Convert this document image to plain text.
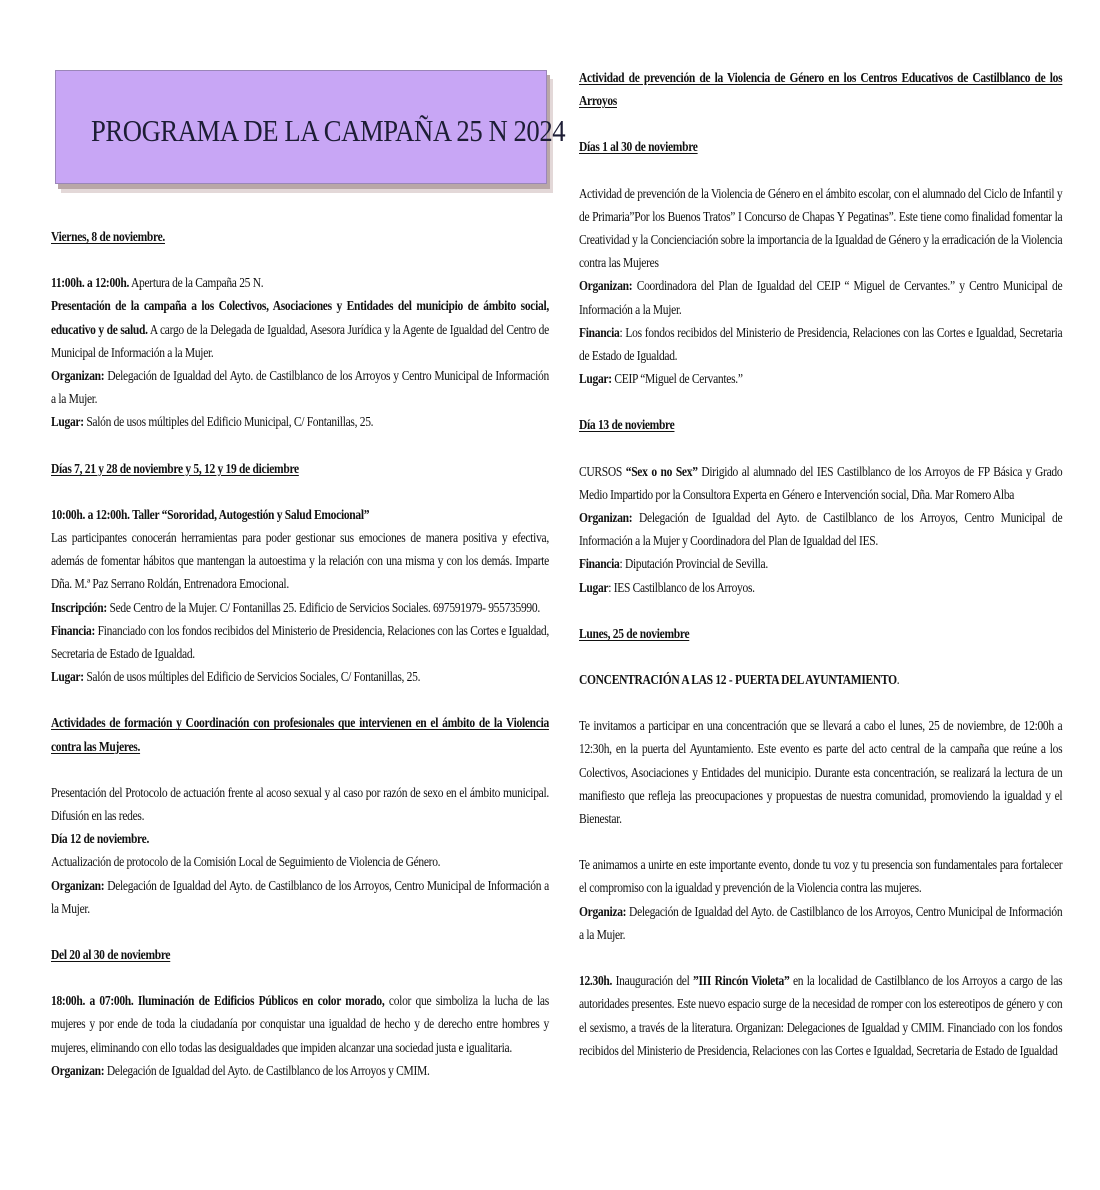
PROGRAMA DE LA CAMPAÑA 25 N 2024

Viernes, 8 de noviembre.

11:00h. a 12:00h. Apertura de la Campaña 25 N.

Presentación de la campaña a los Colectivos, Asociaciones y Entidades del municipio de ámbito social, educativo y de salud. A cargo de la Delegada de Igualdad, Asesora Jurídica y la Agente de Igualdad del Centro de Municipal de Información a la Mujer.

Organizan: Delegación de Igualdad del Ayto. de Castilblanco de los Arroyos y Centro Municipal de Información a la Mujer.

Lugar: Salón de usos múltiples del Edificio Municipal, C/ Fontanillas, 25.

Días 7, 21 y 28 de noviembre y 5, 12 y 19 de diciembre

10:00h. a 12:00h. Taller “Sororidad, Autogestión y Salud Emocional”

Las participantes conocerán herramientas para poder gestionar sus emociones de manera positiva y efectiva, además de fomentar hábitos que mantengan la autoestima y la relación con una misma y con los demás. Imparte Dña. M.ª Paz Serrano Roldán, Entrenadora Emocional.

Inscripción: Sede Centro de la Mujer. C/ Fontanillas 25. Edificio de Servicios Sociales. 697591979- 955735990.

Financia: Financiado con los fondos recibidos del Ministerio de Presidencia, Relaciones con las Cortes e Igualdad, Secretaria de Estado de Igualdad.

Lugar: Salón de usos múltiples del Edificio de Servicios Sociales, C/ Fontanillas, 25.

Actividades de formación y Coordinación con profesionales que intervienen en el ámbito de la Violencia contra las Mujeres.

Presentación del Protocolo de actuación frente al acoso sexual y al caso por razón de sexo en el ámbito municipal. Difusión en las redes.

Día 12 de noviembre.

Actualización de protocolo de la Comisión Local de Seguimiento de Violencia de Género.

Organizan: Delegación de Igualdad del Ayto. de Castilblanco de los Arroyos, Centro Municipal de Información a la Mujer.

Del 20 al 30 de noviembre

18:00h. a 07:00h. Iluminación de Edificios Públicos en color morado, color que simboliza la lucha de las mujeres y por ende de toda la ciudadanía por conquistar una igualdad de hecho y de derecho entre hombres y mujeres, eliminando con ello todas las desigualdades que impiden alcanzar una sociedad justa e igualitaria.

Organizan: Delegación de Igualdad del Ayto. de Castilblanco de los Arroyos y CMIM.

Actividad de prevención de la Violencia de Género en los Centros Educativos de Castilblanco de los Arroyos

Días 1 al 30 de noviembre

Actividad de prevención de la Violencia de Género en el ámbito escolar, con el alumnado del Ciclo de Infantil y de Primaria”Por los Buenos Tratos” I Concurso de Chapas Y Pegatinas”. Este tiene como finalidad fomentar la Creatividad y la Concienciación sobre la importancia de la Igualdad de Género y la erradicación de la Violencia contra las Mujeres

Organizan: Coordinadora del Plan de Igualdad del CEIP “ Miguel de Cervantes.” y Centro Municipal de Información a la Mujer.

Financia: Los fondos recibidos del Ministerio de Presidencia, Relaciones con las Cortes e Igualdad, Secretaria de Estado de Igualdad.

Lugar: CEIP “Miguel de Cervantes.”

Día 13 de noviembre

CURSOS “Sex o no Sex” Dirigido al alumnado del IES Castilblanco de los Arroyos de FP Básica y Grado Medio Impartido por la Consultora Experta en Género e Intervención social, Dña. Mar Romero Alba

Organizan: Delegación de Igualdad del Ayto. de Castilblanco de los Arroyos, Centro Municipal de Información a la Mujer y Coordinadora del Plan de Igualdad del IES.

Financia: Diputación Provincial de Sevilla.

Lugar: IES Castilblanco de los Arroyos.

Lunes, 25 de noviembre

CONCENTRACIÓN A LAS 12 - PUERTA DEL AYUNTAMIENTO.

Te invitamos a participar en una concentración que se llevará a cabo el lunes, 25 de noviembre, de 12:00h a 12:30h, en la puerta del Ayuntamiento. Este evento es parte del acto central de la campaña que reúne a los Colectivos, Asociaciones y Entidades del municipio. Durante esta concentración, se realizará la lectura de un manifiesto que refleja las preocupaciones y propuestas de nuestra comunidad, promoviendo la igualdad y el Bienestar.

Te animamos a unirte en este importante evento, donde tu voz y tu presencia son fundamentales para fortalecer el compromiso con la igualdad y prevención de la Violencia contra las mujeres.

Organiza: Delegación de Igualdad del Ayto. de Castilblanco de los Arroyos, Centro Municipal de Información a la Mujer.

12.30h. Inauguración del ”III Rincón Violeta” en la localidad de Castilblanco de los Arroyos a cargo de las autoridades presentes. Este nuevo espacio surge de la necesidad de romper con los estereotipos de género y con el sexismo, a través de la literatura. Organizan: Delegaciones de Igualdad y CMIM. Financiado con los fondos recibidos del Ministerio de Presidencia, Relaciones con las Cortes e Igualdad, Secretaria de Estado de Igualdad
